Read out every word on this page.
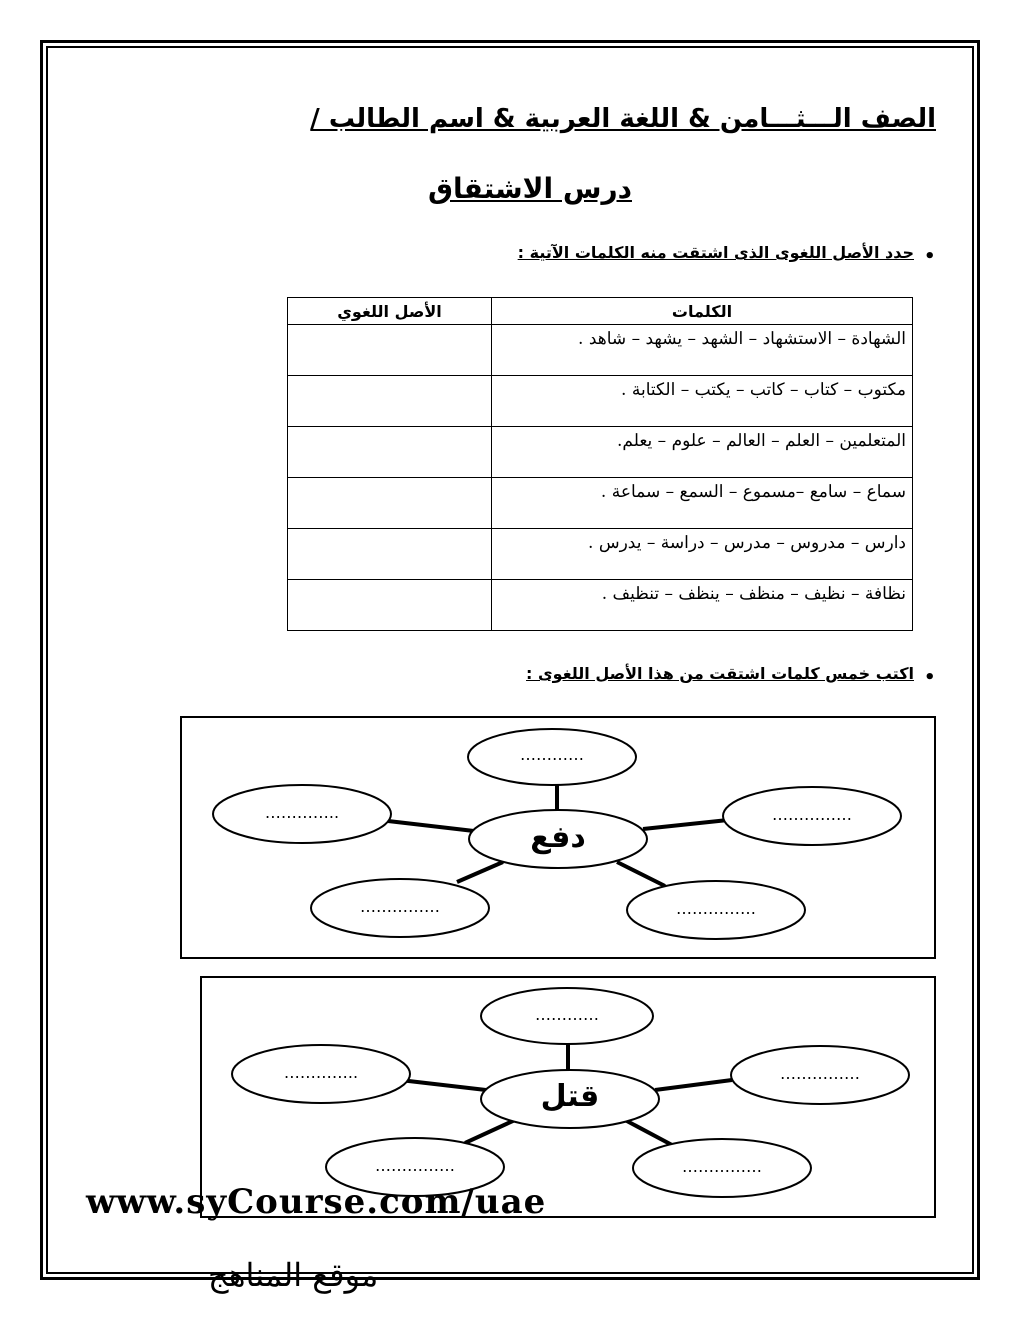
الصف الـــثـــامن & اللغة العربية & اسم الطالب /
درس الاشتقاق
•
حدد الأصل اللغوى الذى اشتقت منه الكلمات الآتية :
الكلمات	الأصل اللغوي
الشهادة – الاستشهاد – الشهد – يشهد – شاهد .	
مكتوب – كتاب – كاتب – يكتب – الكتابة .	
المتعلمين – العلم – العالم – علوم – يعلم.	
سماع – سامع –مسموع – السمع – سماعة .	
دارس – مدروس – مدرس – دراسة – يدرس .	
نظافة – نظيف – منظف – ينظف – تنظيف .	
•
اكتب خمس كلمات اشتقت من هذا الأصل اللغوى :
…………
…………..	……………
……………	……………
دفع
…………
…………..	……………
……………	……………
قتل
www.syCourse.com/uae
موقع المناهج
